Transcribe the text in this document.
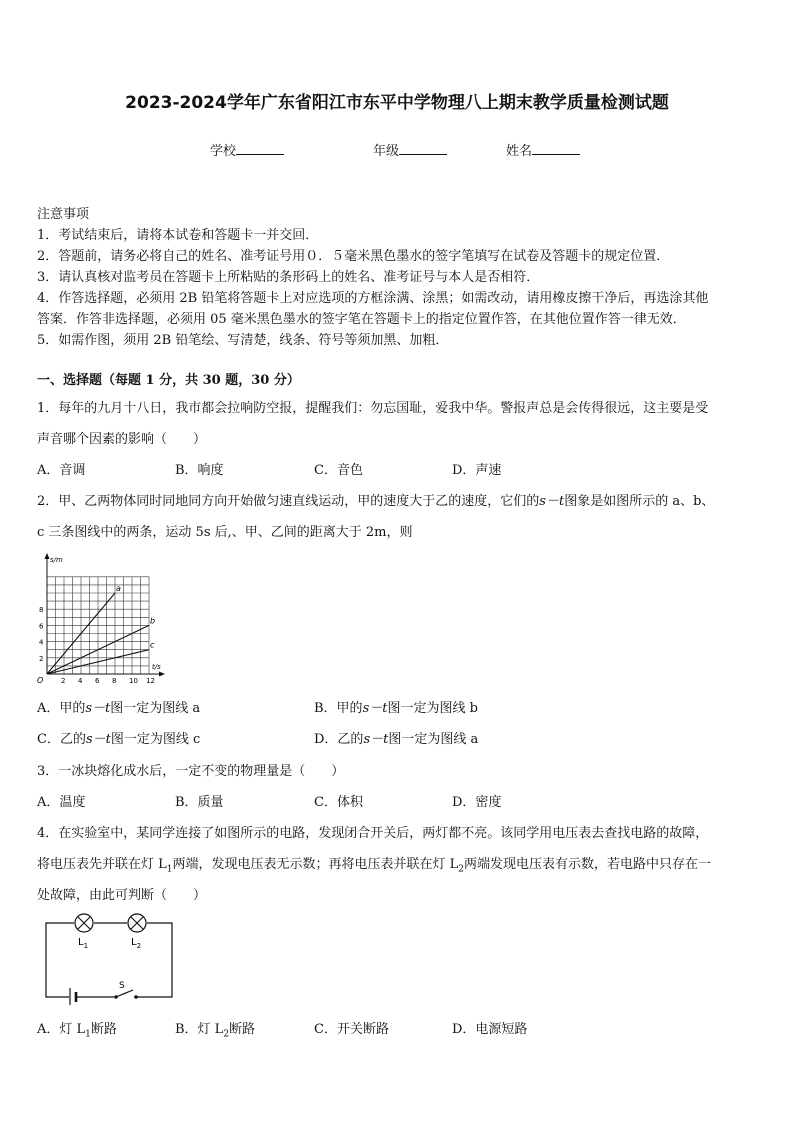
2023-2024学年广东省阳江市东平中学物理八上期末教学质量检测试题
学校	年级	姓名
注意事项
1．考试结束后，请将本试卷和答题卡一并交回．
2．答题前，请务必将自己的姓名、准考证号用０．５毫米黑色墨水的签字笔填写在试卷及答题卡的规定位置．
3．请认真核对监考员在答题卡上所粘贴的条形码上的姓名、准考证号与本人是否相符．
4．作答选择题，必须用 2B 铅笔将答题卡上对应选项的方框涂满、涂黑；如需改动，请用橡皮擦干净后，再选涂其他
答案．作答非选择题，必须用 05 毫米黑色墨水的签字笔在答题卡上的指定位置作答，在其他位置作答一律无效．
5．如需作图，须用 2B 铅笔绘、写清楚，线条、符号等须加黑、加粗．
一、选择题（每题 1 分，共 30 题，30 分）
1．每年的九月十八日，我市都会拉响防空报，提醒我们：勿忘国耻，爱我中华。警报声总是会传得很远，这主要是受
声音哪个因素的影响（　　）
A．音调	B．响度	C．音色	D．声速
2．甲、乙两物体同时同地同方向开始做匀速直线运动，甲的速度大于乙的速度，它们的s－t图象是如图所示的 a、b、
c 三条图线中的两条，运动 5s 后,、甲、乙间的距离大于 2m，则
a
b
c
2 4 6 8 10 12
2
4
6
8
O
s/m
t/s
A．甲的s－t图一定为图线 a	B．甲的s－t图一定为图线 b
C．乙的s－t图一定为图线 c	D．乙的s－t图一定为图线 a
3．一冰块熔化成水后，一定不变的物理量是（　　）
A．温度	B．质量	C．体积	D．密度
4．在实验室中，某同学连接了如图所示的电路，发现闭合开关后，两灯都不亮。该同学用电压表去查找电路的故障，
将电压表先并联在灯 $L_1$两端，发现电压表无示数；再将电压表并联在灯 $L_2$两端发现电压表有示数，若电路中只存在一
处故障，由此可判断（　　）
$L_1$	$L_2$
S
A．灯 $L_1$断路	B．灯 $L_2$断路	C．开关断路	D．电源短路
